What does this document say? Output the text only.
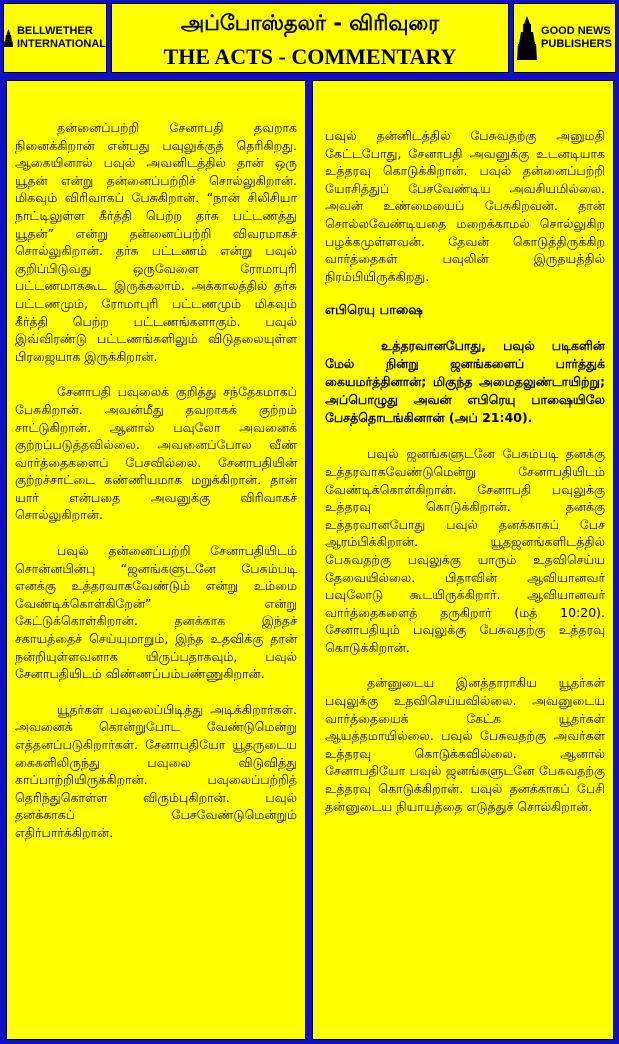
BELLWETHER
INTERNATIONAL
அப்போஸ்தலர் - விரிவுரை
THE ACTS - COMMENTARY
GOOD NEWS
PUBLISHERS

தன்னைப்பற்றி சேனாபதி தவறாக நினைக்கிறான் என்பது பவுலுக்குத் தெரிகிறது. ஆகையினால் பவுல் அவனிடத்தில் தான் ஒரு யூதன் என்று தன்னைப்பற்றிச் சொல்லுகிறான். மிகவும் விரிவாகப் பேசுகிறான். “நான் சிலிசியா நாட்டிலுள்ள கீர்த்தி பெற்ற தர்சு பட்டணத்து யூதன்” என்று தன்னைப்பற்றி விவரமாகச் சொல்லுகிறான். தர்சு பட்டணம் என்று பவுல் குறிப்பிடுவது ஒருவேளை ரோமாபுரி பட்டணமாககூட இருக்கலாம். அக்காலத்தில் தர்சு பட்டணமும், ரோமாபுரி பட்டணமும் மிகவும் கீர்த்தி பெற்ற பட்டணங்களாகும். பவுல் இவ்விரண்டு பட்டணங்களிலும் விடுதலையுள்ள பிரஜையாக இருக்கிறான்.

சேனாபதி பவுலைக் குறித்து சந்தேகமாகப் பேசுகிறான். அவன்மீது தவறாகக் குற்றம் சாட்டுகிறான். ஆனால் பவுலோ அவனைக் குற்றப்படுத்தவில்லை. அவனைப்போல வீண் வார்த்தைகளைப் பேசவில்லை. சேனாபதியின் குற்றச்சாட்டை கண்ணியமாக மறுக்கிறான். தான் யார் என்பதை அவனுக்கு விரிவாகச் சொல்லுகிறான்.

பவுல் தன்னைப்பற்றி சேனாபதியிடம் சொன்னபின்பு “ஜனங்களுடனே பேசும்படி எனக்கு உத்தரவாகவேண்டும் என்று உம்மை வேண்டிக்கொள்கிறேன்” என்று கேட்டுக்கொள்கிறான். தனக்காக இந்தச் சகாயத்தைச் செய்யுமாறும், இந்த உதவிக்கு தான் நன்றியுள்ளவனாக யிருப்பதாகவும், பவுல் சேனாபதியிடம் விண்ணப்பம்பண்ணுகிறான்.

யூதர்கள் பவுலைப்பிடித்து அடிக்கிறார்கள். அவனைக் கொன்றுபோட வேண்டுமென்று எத்தனப்படுகிறார்கள். சேனாபதியோ யூதருடைய கைகளிலிருந்து பவுலை விடுவித்து காப்பாற்றியிருக்கிறான். பவுலைப்பற்றித் தெரிந்துகொள்ள விரும்புகிறான். பவுல் தனக்காகப் பேசவேண்டுமென்றும் எதிர்பார்க்கிறான்.

பவுல் தன்னிடத்தில் பேசுவதற்கு அனுமதி கேட்டபோது, சேனாபதி அவனுக்கு உடனடியாக உத்தரவு கொடுக்கிறான். பவுல் தன்னைப்பற்றி யோசித்துப் பேசவேண்டிய அவசியமில்லை. அவன் உண்மையைப் பேசுகிறவன். தான் சொல்லவேண்டியதை மறைக்காமல் சொல்லுகிற பழக்கமுள்ளவன். தேவன் கொடுத்திருக்கிற வார்த்தைகள் பவுலின் இருதயத்தில் நிரம்பியிருக்கிறது.

எபிரெயு பாஷை

உத்தரவானபோது, பவுல் படிகளின் மேல் நின்று ஜனங்களைப் பார்த்துக் கையமர்த்தினான்; மிகுந்த அமைதலுண்டாயிற்று; அப்பொழுது அவன் எபிரெயு பாஷையிலே பேசத்தொடங்கினான் (அப் 21:40).

பவுல் ஜனங்களுடனே பேசும்படி தனக்கு உத்தரவாகவேண்டுமென்று சேனாபதியிடம் வேண்டிக்கொள்கிறான். சேனாபதி பவுலுக்கு உத்தரவு கொடுக்கிறான். தனக்கு உத்தரவானபோது பவுல் தனக்காகப் பேச ஆரம்பிக்கிறான். யூதஜனங்களிடத்தில் பேசுவதற்கு பவுலுக்கு யாரும் உதவிசெய்ய தேவையில்லை. பிதாவின் ஆவியானவர் பவுலோடு கூடயிருக்கிறார். ஆவியானவர் வார்த்தைகளைத் தருகிறார் (மத் 10:20). சேனாபதியும் பவுலுக்கு பேசுவதற்கு உத்தரவு கொடுக்கிறான்.

தன்னுடைய இனத்தாராகிய யூதர்கள் பவுலுக்கு உதவிசெய்யவில்லை. அவனுடைய வார்த்தையைக் கேட்க யூதர்கள் ஆயத்தமாயில்லை. பவுல் பேசுவதற்கு அவர்கள் உத்தரவு கொடுக்கவில்லை. ஆனால் சேனாபதியோ பவுல் ஜனங்களுடனே பேசுவதற்கு உத்தரவு கொடுக்கிறான். பவுல் தனக்காகப் பேசி தன்னுடைய நியாயத்தை எடுத்துச் சொல்கிறான்.
